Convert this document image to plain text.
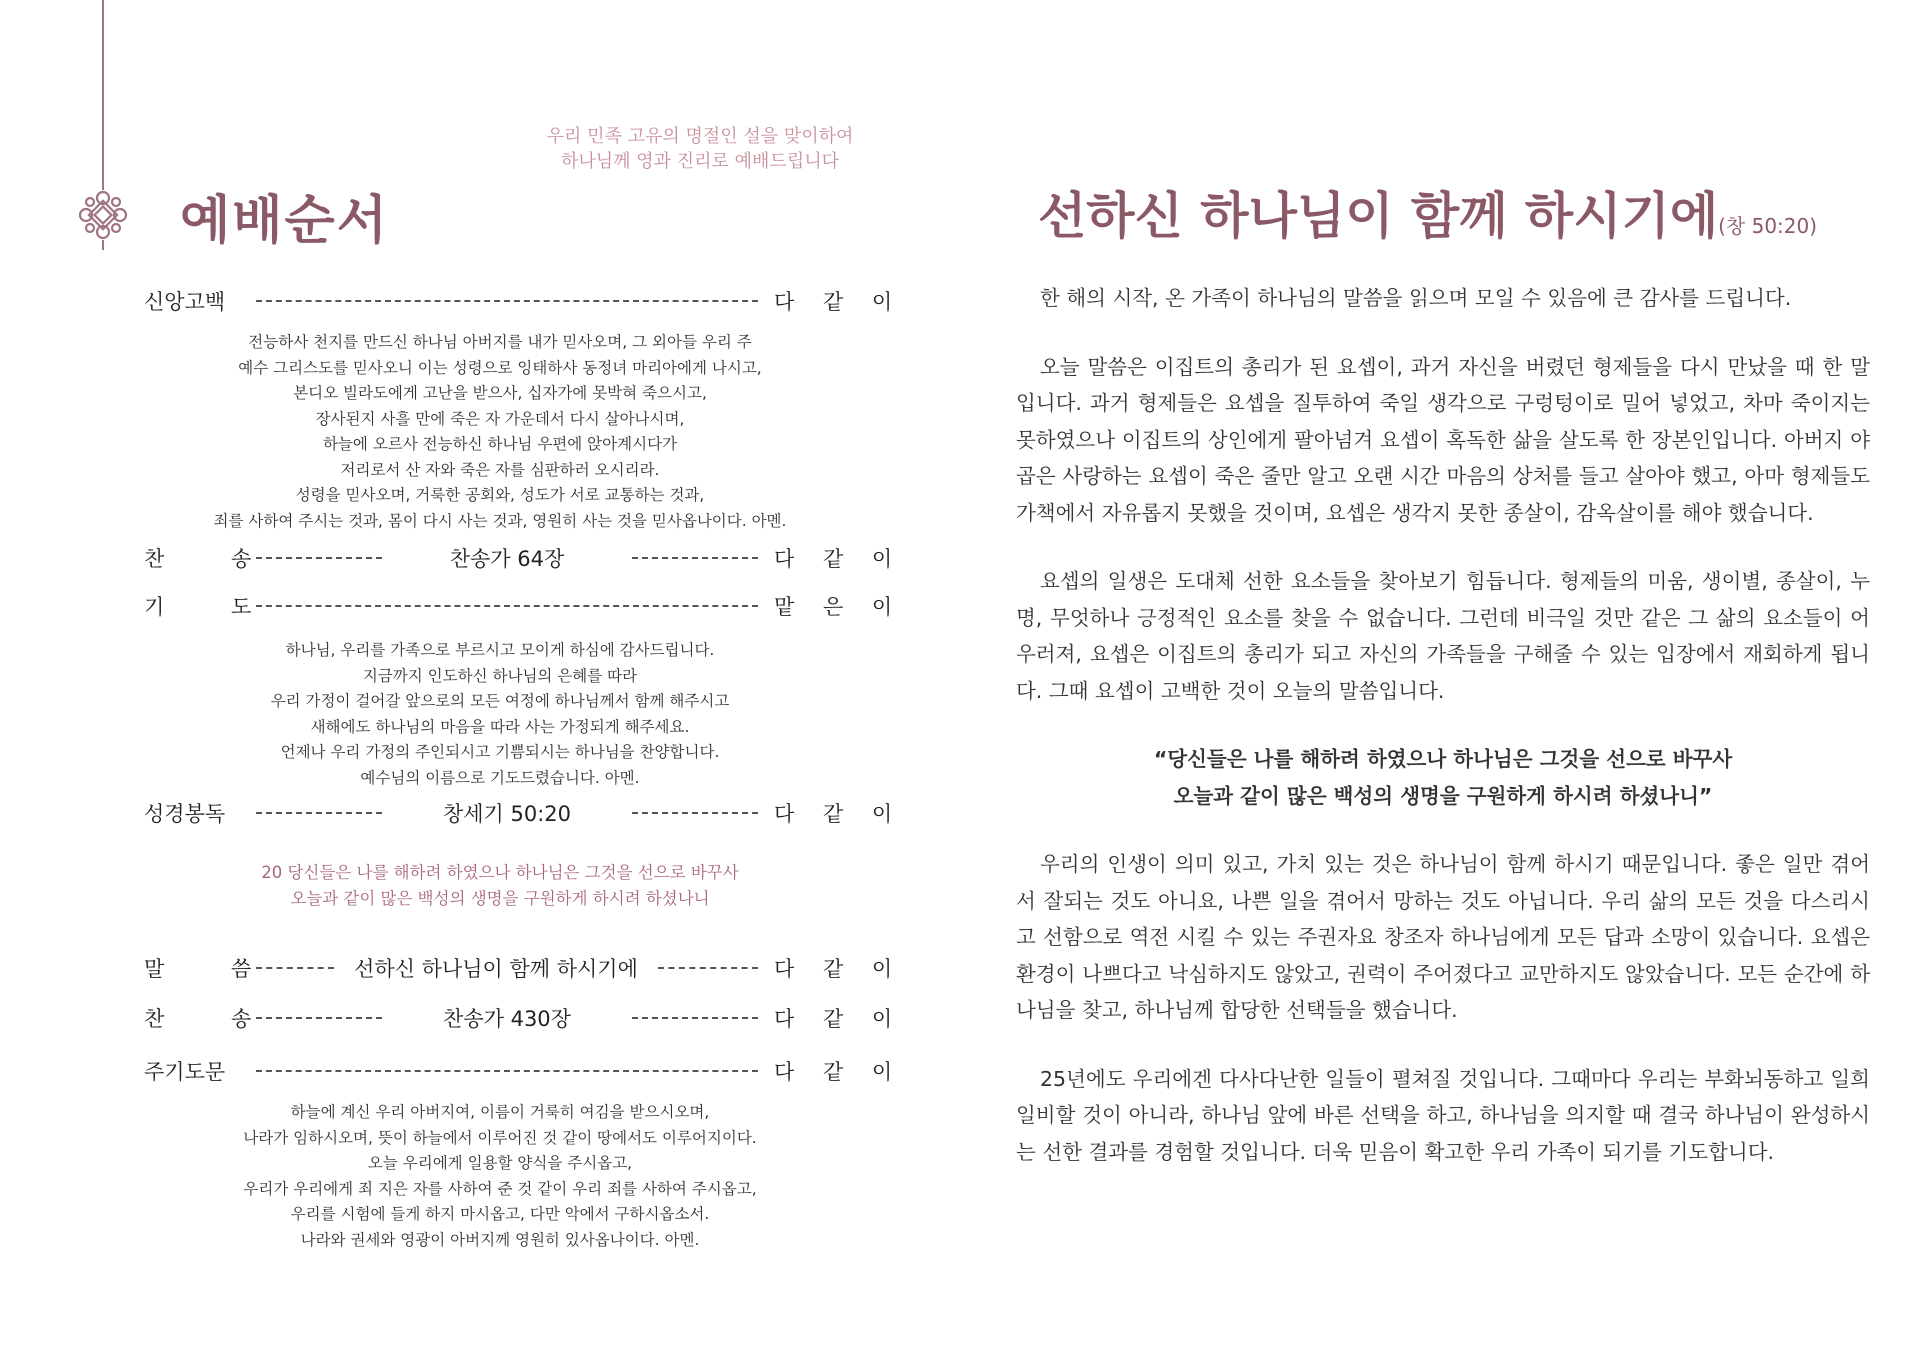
우리 민족 고유의 명절인 설을 맞이하여
하나님께 영과 진리로 예배드립니다
예배순서
신앙고백	다 같 이
전능하사 천지를 만드신 하나님 아버지를 내가 믿사오며, 그 외아들 우리 주
예수 그리스도를 믿사오니 이는 성령으로 잉태하사 동정녀 마리아에게 나시고,
본디오 빌라도에게 고난을 받으사, 십자가에 못박혀 죽으시고,
장사된지 사흘 만에 죽은 자 가운데서 다시 살아나시며,
하늘에 오르사 전능하신 하나님 우편에 앉아계시다가
저리로서 산 자와 죽은 자를 심판하러 오시리라.
성령을 믿사오며, 거룩한 공회와, 성도가 서로 교통하는 것과,
죄를 사하여 주시는 것과, 몸이 다시 사는 것과, 영원히 사는 것을 믿사옵나이다. 아멘.
찬 송	찬송가 64장	다 같 이
기 도	맡 은 이
하나님, 우리를 가족으로 부르시고 모이게 하심에 감사드립니다.
지금까지 인도하신 하나님의 은혜를 따라
우리 가정이 걸어갈 앞으로의 모든 여정에 하나님께서 함께 해주시고
새해에도 하나님의 마음을 따라 사는 가정되게 해주세요.
언제나 우리 가정의 주인되시고 기쁨되시는 하나님을 찬양합니다.
예수님의 이름으로 기도드렸습니다. 아멘.
성경봉독	창세기 50:20	다 같 이
20 당신들은 나를 해하려 하였으나 하나님은 그것을 선으로 바꾸사
오늘과 같이 많은 백성의 생명을 구원하게 하시려 하셨나니
말 씀	선하신 하나님이 함께 하시기에	다 같 이
찬 송	찬송가 430장	다 같 이
주기도문	다 같 이
하늘에 계신 우리 아버지여, 이름이 거룩히 여김을 받으시오며,
나라가 임하시오며, 뜻이 하늘에서 이루어진 것 같이 땅에서도 이루어지이다.
오늘 우리에게 일용할 양식을 주시옵고,
우리가 우리에게 죄 지은 자를 사하여 준 것 같이 우리 죄를 사하여 주시옵고,
우리를 시험에 들게 하지 마시옵고, 다만 악에서 구하시옵소서.
나라와 권세와 영광이 아버지께 영원히 있사옵나이다. 아멘.
선하신 하나님이 함께 하시기에(창 50:20)

한 해의 시작, 온 가족이 하나님의 말씀을 읽으며 모일 수 있음에 큰 감사를 드립니다.

오늘 말씀은 이집트의 총리가 된 요셉이, 과거 자신을 버렸던 형제들을 다시 만났을 때 한 말입니다. 과거 형제들은 요셉을 질투하여 죽일 생각으로 구렁텅이로 밀어 넣었고, 차마 죽이지는 못하였으나 이집트의 상인에게 팔아넘겨 요셉이 혹독한 삶을 살도록 한 장본인입니다. 아버지 야곱은 사랑하는 요셉이 죽은 줄만 알고 오랜 시간 마음의 상처를 들고 살아야 했고, 아마 형제들도 가책에서 자유롭지 못했을 것이며, 요셉은 생각지 못한 종살이, 감옥살이를 해야 했습니다.

요셉의 일생은 도대체 선한 요소들을 찾아보기 힘듭니다. 형제들의 미움, 생이별, 종살이, 누명, 무엇하나 긍정적인 요소를 찾을 수 없습니다. 그런데 비극일 것만 같은 그 삶의 요소들이 어우러져, 요셉은 이집트의 총리가 되고 자신의 가족들을 구해줄 수 있는 입장에서 재회하게 됩니다. 그때 요셉이 고백한 것이 오늘의 말씀입니다.

“당신들은 나를 해하려 하였으나 하나님은 그것을 선으로 바꾸사
오늘과 같이 많은 백성의 생명을 구원하게 하시려 하셨나니”

우리의 인생이 의미 있고, 가치 있는 것은 하나님이 함께 하시기 때문입니다. 좋은 일만 겪어서 잘되는 것도 아니요, 나쁜 일을 겪어서 망하는 것도 아닙니다. 우리 삶의 모든 것을 다스리시고 선함으로 역전 시킬 수 있는 주권자요 창조자 하나님에게 모든 답과 소망이 있습니다. 요셉은 환경이 나쁘다고 낙심하지도 않았고, 권력이 주어졌다고 교만하지도 않았습니다. 모든 순간에 하나님을 찾고, 하나님께 합당한 선택들을 했습니다.

25년에도 우리에겐 다사다난한 일들이 펼쳐질 것입니다. 그때마다 우리는 부화뇌동하고 일희일비할 것이 아니라, 하나님 앞에 바른 선택을 하고, 하나님을 의지할 때 결국 하나님이 완성하시는 선한 결과를 경험할 것입니다. 더욱 믿음이 확고한 우리 가족이 되기를 기도합니다.
